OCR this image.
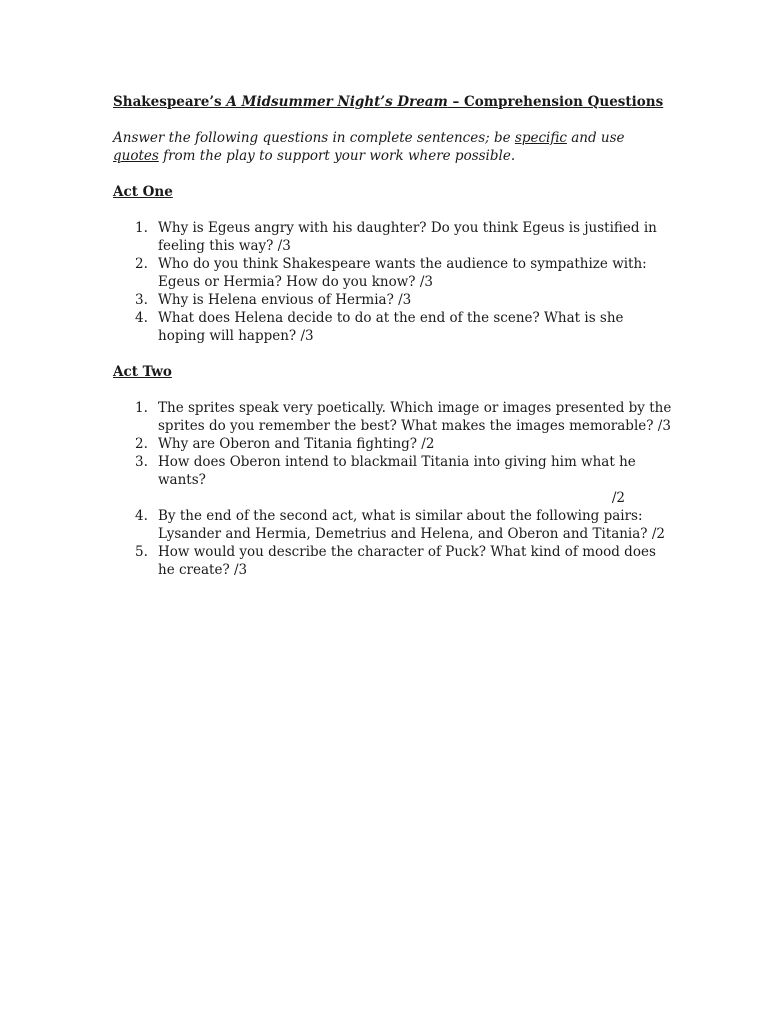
Shakespeare’s A Midsummer Night’s Dream – Comprehension Questions

Answer the following questions in complete sentences; be specific and use quotes from the play to support your work where possible.

Act One

1. Why is Egeus angry with his daughter? Do you think Egeus is justified in feeling this way? /3
2. Who do you think Shakespeare wants the audience to sympathize with: Egeus or Hermia? How do you know? /3
3. Why is Helena envious of Hermia? /3
4. What does Helena decide to do at the end of the scene? What is she hoping will happen? /3

Act Two

1. The sprites speak very poetically. Which image or images presented by the sprites do you remember the best? What makes the images memorable? /3
2. Why are Oberon and Titania fighting? /2
3. How does Oberon intend to blackmail Titania into giving him what he wants?
/2
4. By the end of the second act, what is similar about the following pairs: Lysander and Hermia, Demetrius and Helena, and Oberon and Titania? /2
5. How would you describe the character of Puck? What kind of mood does he create? /3
